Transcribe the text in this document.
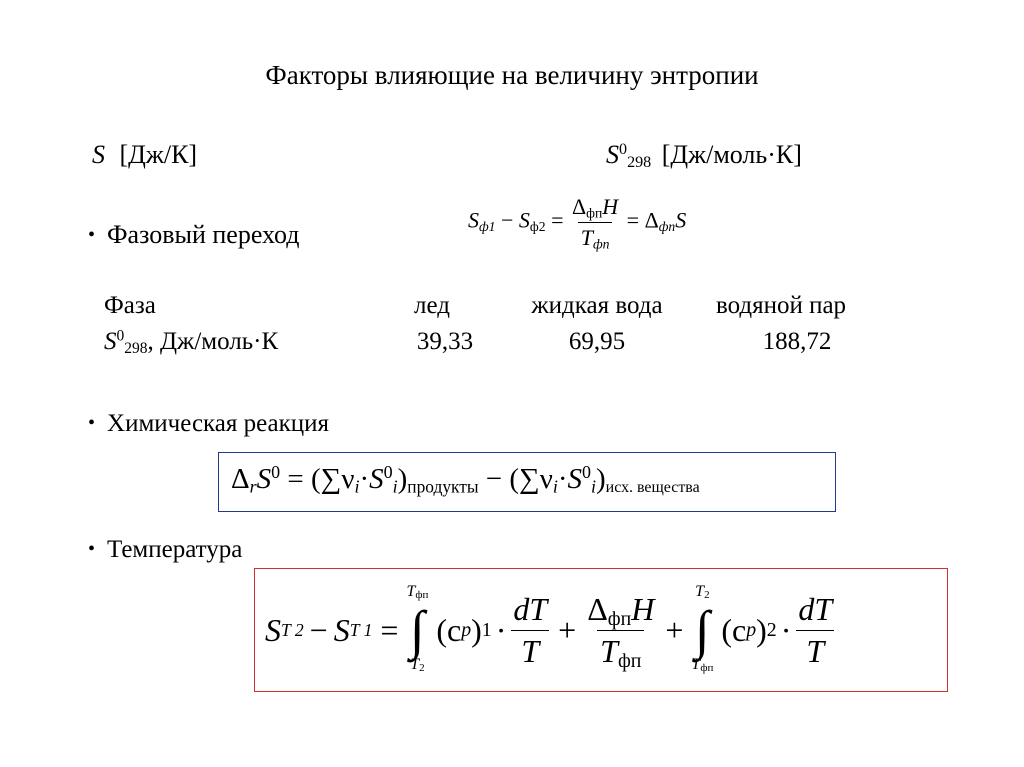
Факторы влияющие на величину энтропии
S [Дж/К]	$S^0_{298}$ [Дж/моль·К]
• Фазовый переход	$S_{ф1} - S_{ф2} = \frac{\Delta_{фп}H}{T_{фп}} = \Delta_{фп}S$
Фаза	лед	жидкая вода	водяной пар
$S^0_{298}$, Дж/моль·К	39,33	69,95	188,72
• Химическая реакция
$\Delta_rS^0 = (\sum\nu_i\cdot S^0_i)_{продукты} - (\sum\nu_i\cdot S^0_i)_{исх. вещества}$
• Температура
S T 2 − S T 1 =
Tфп
∫
T2
(c p ) $1 \cdot \frac{dT}{T} + \frac{\Delta_{фп}H}{T_{фп}}$ +
T2
∫
Tфп
(c p ) $2 \cdot \frac{dT}{T}$
